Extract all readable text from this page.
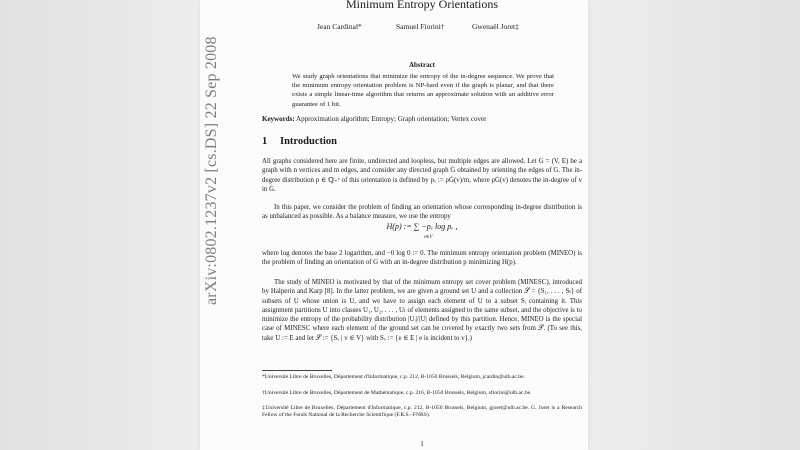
Minimum Entropy Orientations
Jean Cardinal*	Samuel Fiorini†	Gwenaël Joret‡
Abstract
We study graph orientations that minimize the entropy of the in-degree sequence. We prove that the minimum entropy orientation problem is NP-hard even if the graph is planar, and that there exists a simple linear-time algorithm that returns an approximate solution with an additive error guarantee of 1 bit.
Keywords: Approximation algorithm; Entropy; Graph orientation; Vertex cover
1 Introduction
All graphs considered here are finite, undirected and loopless, but multiple edges are allowed. Let G = (V, E) be a graph with n vertices and m edges, and consider any directed graph Ġ obtained by orienting the edges of G. The in-degree distribution p ∈ ℚ₊ᵛ of this orientation is defined by pᵥ := ρĠ(v)/m, where ρĠ(v) denotes the in-degree of v in Ġ.
In this paper, we consider the problem of finding an orientation whose corresponding in-degree distribution is as unbalanced as possible. As a balance measure, we use the entropy
H(p) := ∑ −pᵥ log pᵥ ,
v∈V
where log denotes the base 2 logarithm, and −0 log 0 := 0. The minimum entropy orientation problem (MINEO) is the problem of finding an orientation of G with an in-degree distribution p minimizing H(p).
The study of MINEO is motivated by that of the minimum entropy set cover problem (MINESC), introduced by Halperin and Karp [8]. In the latter problem, we are given a ground set U and a collection 𝒮 = {S₁, . . . , Sₗ} of subsets of U whose union is U, and we have to assign each element of U to a subset Sᵢ containing it. This assignment partitions U into classes U₁, U₂, . . . , Uₗ of elements assigned to the same subset, and the objective is to minimize the entropy of the probability distribution |Uᵢ|/|U| defined by this partition. Hence, MINEO is the special case of MINESC where each element of the ground set can be covered by exactly two sets from 𝒮. (To see this, take U := E and let 𝒮 := {Sᵥ | v ∈ V} with Sᵥ := {e ∈ E | e is incident to v}.)
*Université Libre de Bruxelles, Département d'Informatique, c.p. 212, B-1050 Brussels, Belgium, jcardin@ulb.ac.be.
†Université Libre de Bruxelles, Département de Mathématique, c.p. 216, B-1050 Brussels, Belgium, sfiorini@ulb.ac.be.
‡Université Libre de Bruxelles, Département d'Informatique, c.p. 212, B-1050 Brussels, Belgium, gjoret@ulb.ac.be. G. Joret is a Research Fellow of the Fonds National de la Recherche Scientifique (F.R.S.–FNRS).
1
arXiv:0802.1237v2 [cs.DS] 22 Sep 2008
